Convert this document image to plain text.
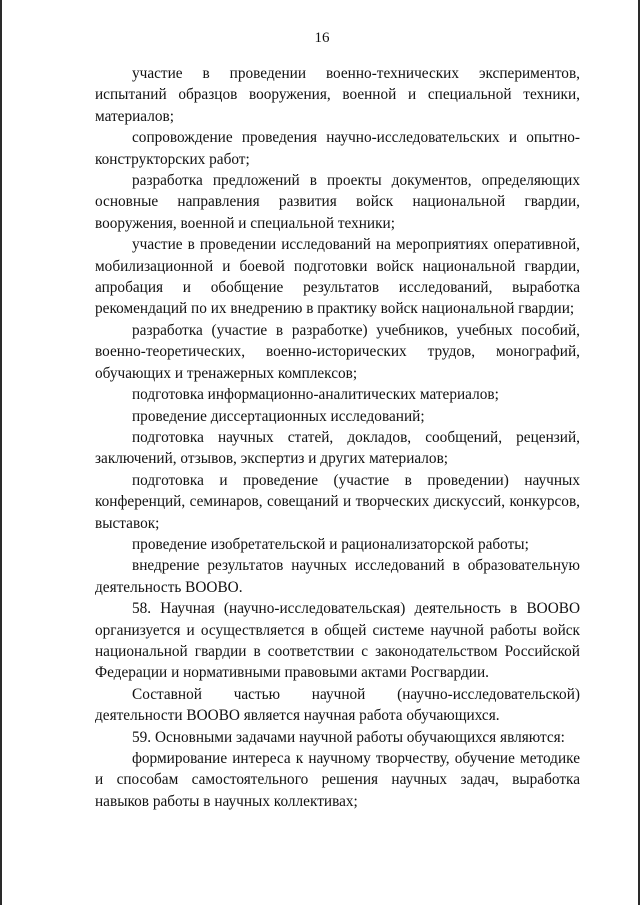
16

участие в проведении военно-технических экспериментов, испытаний образцов вооружения, военной и специальной техники, материалов;

сопровождение проведения научно-исследовательских и опытно-конструкторских работ;

разработка предложений в проекты документов, определяющих основные направления развития войск национальной гвардии, вооружения, военной и специальной техники;

участие в проведении исследований на мероприятиях оперативной, мобилизационной и боевой подготовки войск национальной гвардии, апробация и обобщение результатов исследований, выработка рекомендаций по их внедрению в практику войск национальной гвардии;

разработка (участие в разработке) учебников, учебных пособий, военно-теоретических, военно-исторических трудов, монографий, обучающих и тренажерных комплексов;

подготовка информационно-аналитических материалов;

проведение диссертационных исследований;

подготовка научных статей, докладов, сообщений, рецензий, заключений, отзывов, экспертиз и других материалов;

подготовка и проведение (участие в проведении) научных конференций, семинаров, совещаний и творческих дискуссий, конкурсов, выставок;

проведение изобретательской и рационализаторской работы;

внедрение результатов научных исследований в образовательную деятельность ВООВО.

58. Научная (научно-исследовательская) деятельность в ВООВО организуется и осуществляется в общей системе научной работы войск национальной гвардии в соответствии с законодательством Российской Федерации и нормативными правовыми актами Росгвардии.

Составной частью научной (научно-исследовательской) деятельности ВООВО является научная работа обучающихся.

59. Основными задачами научной работы обучающихся являются:

формирование интереса к научному творчеству, обучение методике и способам самостоятельного решения научных задач, выработка навыков работы в научных коллективах;
